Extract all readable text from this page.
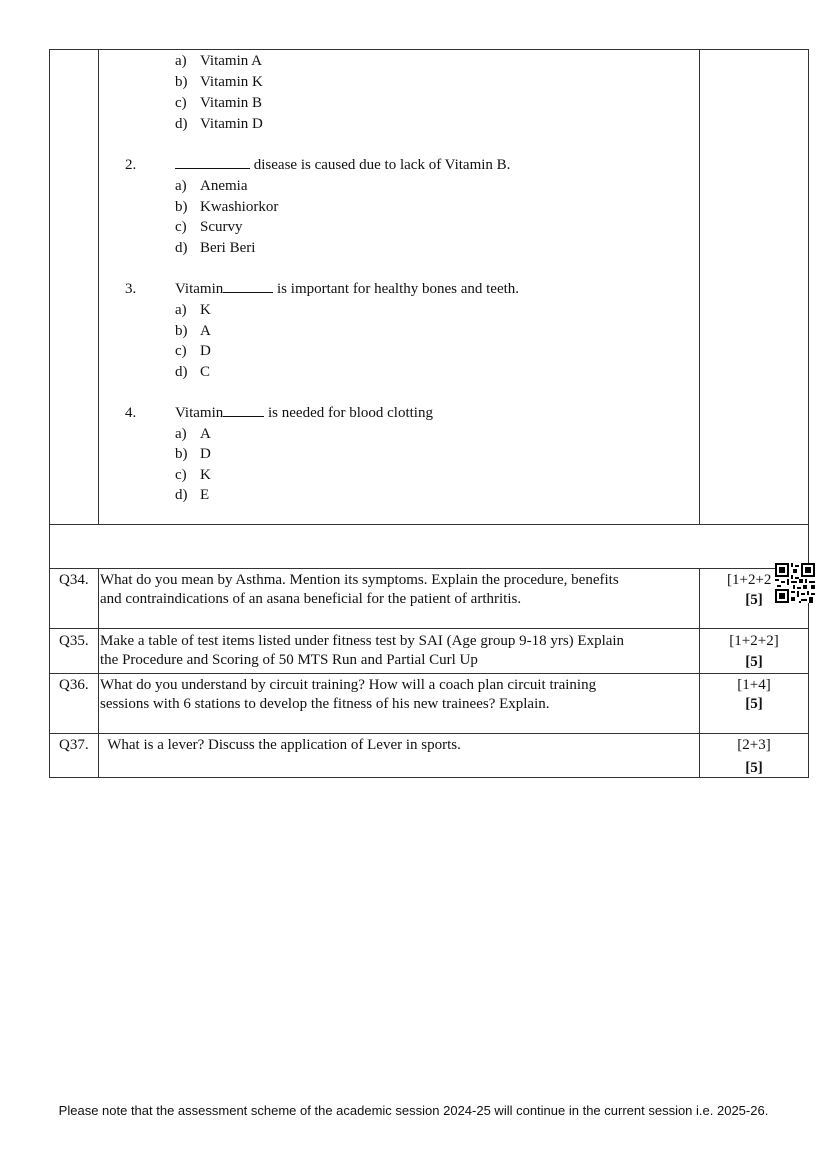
a) Vitamin A
b) Vitamin K
c) Vitamin B
d) Vitamin D
2.	disease is caused due to lack of Vitamin B.
a) Anemia
b) Kwashiorkor
c) Scurvy
d) Beri Beri
3.	Vitamin	is important for healthy bones and teeth.
a) K
b) A
c) D
d) C
4.	Vitamin	is needed for blood clotting
a) A
b) D
c) K
d) E
Q34. What do you mean by Asthma. Mention its symptoms. Explain the procedure, benefits
and contraindications of an asana beneficial for the patient of arthritis.
[1+2+2
[5]
Q35. Make a table of test items listed under fitness test by SAI (Age group 9-18 yrs) Explain
the Procedure and Scoring of 50 MTS Run and Partial Curl Up
[1+2+2]
[5]
Q36. What do you understand by circuit training? How will a coach plan circuit training
sessions with 6 stations to develop the fitness of his new trainees? Explain.
[1+4]
[5]
Q37. What is a lever? Discuss the application of Lever in sports.	[2+3]
[5]
Please note that the assessment scheme of the academic session 2024-25 will continue in the current session i.e. 2025-26.
